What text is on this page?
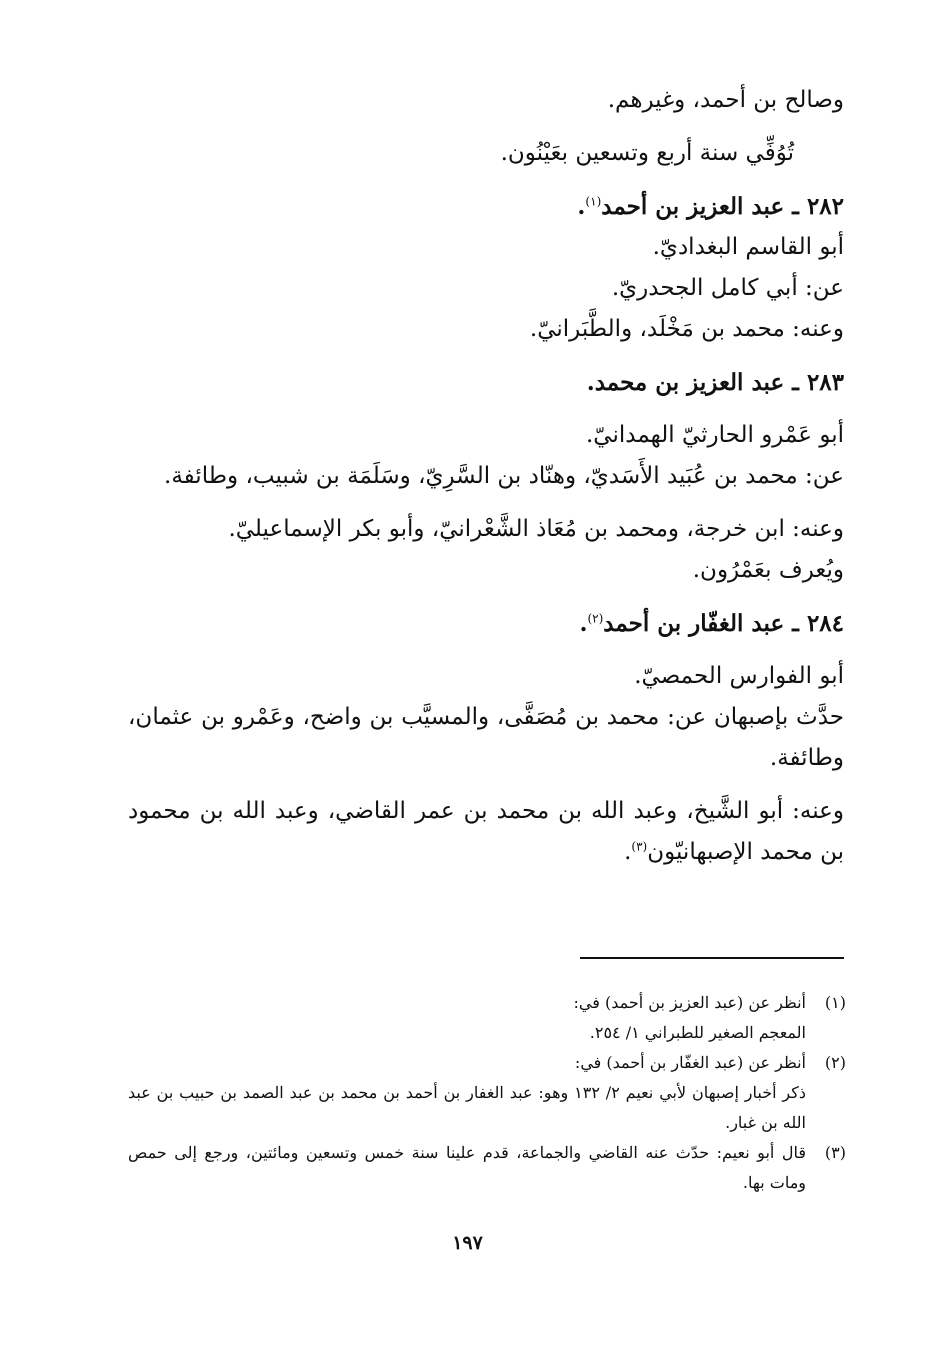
وصالح بن أحمد، وغيرهم.

تُوُفِّي سنة أربع وتسعين بعَيْنُون.

٢٨٢ ـ عبد العزيز بن أحمد$^{(١)}$.

أبو القاسم البغداديّ.

عن: أبي كامل الجحدريّ.

وعنه: محمد بن مَخْلَد، والطَّبَرانيّ.

٢٨٣ ـ عبد العزيز بن محمد.

أبو عَمْرو الحارثيّ الهمدانيّ.

عن: محمد بن عُبَيد الأَسَديّ، وهنّاد بن السَّرِيّ، وسَلَمَة بن شبيب، وطائفة.

وعنه: ابن خرجة، ومحمد بن مُعَاذ الشَّعْرانيّ، وأبو بكر الإسماعيليّ.

ويُعرف بعَمْرُون.

٢٨٤ ـ عبد الغفّار بن أحمد$^{(٢)}$.

أبو الفوارس الحمصيّ.

حدَّث بإصبهان عن: محمد بن مُصَفَّى، والمسيَّب بن واضح، وعَمْرو بن عثمان، وطائفة.

وعنه: أبو الشَّيخ، وعبد الله بن محمد بن عمر القاضي، وعبد الله بن محمود بن محمد الإصبهانيّون$^{(٣)}$.

(١)
أنظر عن (عبد العزيز بن أحمد) في:
المعجم الصغير للطبراني ١/ ٢٥٤.
(٢)
أنظر عن (عبد الغفّار بن أحمد) في:
ذكر أخبار إصبهان لأبي نعيم ٢/ ١٣٢ وهو: عبد الغفار بن أحمد بن محمد بن عبد الصمد بن حبيب بن عبد الله بن غبار.
(٣)
قال أبو نعيم: حدّث عنه القاضي والجماعة، قدم علينا سنة خمس وتسعين ومائتين، ورجع إلى حمص ومات بها.
١٩٧
